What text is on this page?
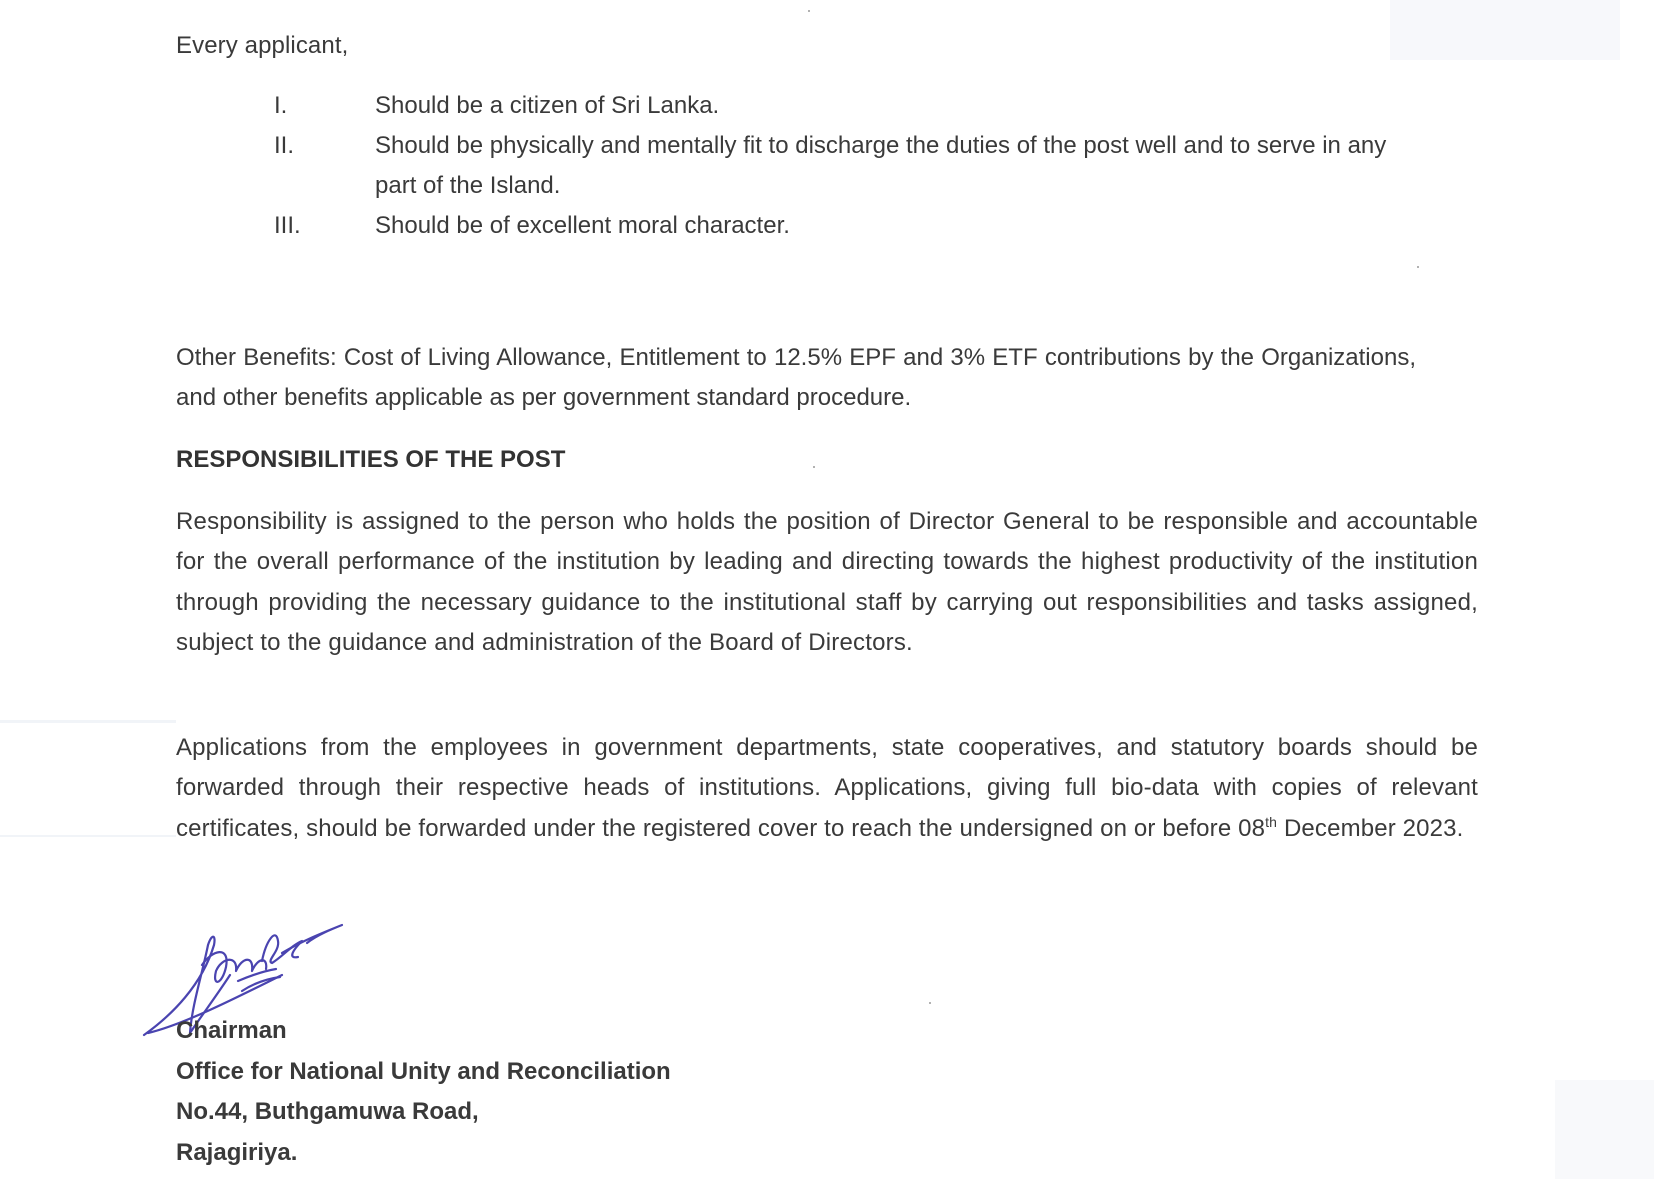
Every applicant,
I.	Should be a citizen of Sri Lanka.
II.	Should be physically and mentally fit to discharge the duties of the post well and to serve in any part of the Island.
III.	Should be of excellent moral character.
Other Benefits: Cost of Living Allowance, Entitlement to 12.5% EPF and 3% ETF contributions by the Organizations, and other benefits applicable as per government standard procedure.
RESPONSIBILITIES OF THE POST
Responsibility is assigned to the person who holds the position of Director General to be responsible and accountable for the overall performance of the institution by leading and directing towards the highest productivity of the institution through providing the necessary guidance to the institutional staff by carrying out responsibilities and tasks assigned, subject to the guidance and administration of the Board of Directors.
Applications from the employees in government departments, state cooperatives, and statutory boards should be forwarded through their respective heads of institutions. Applications, giving full bio-data with copies of relevant certificates, should be forwarded under the registered cover to reach the undersigned on or before 08th December 2023.
Chairman
Office for National Unity and Reconciliation
No.44, Buthgamuwa Road,
Rajagiriya.
